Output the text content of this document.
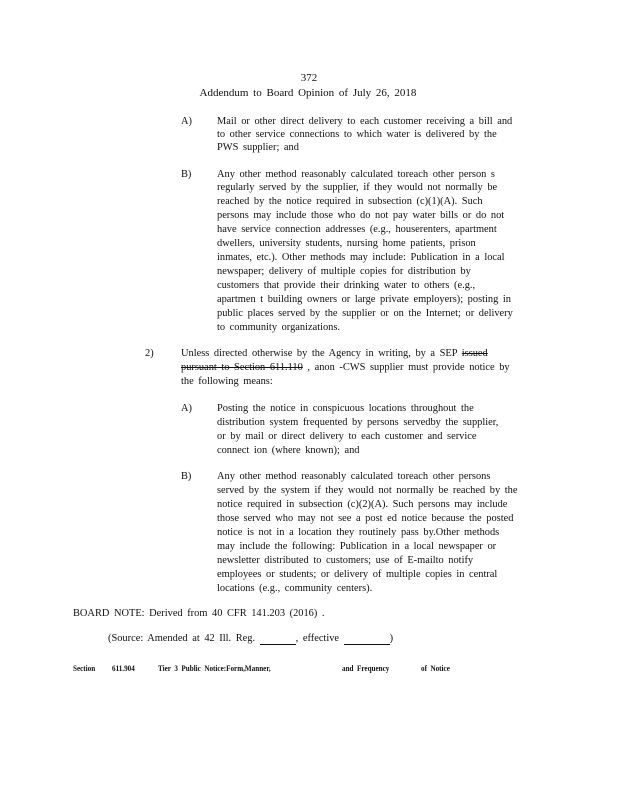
372
Addendum to Board Opinion of July 26, 2018
A) Mail or other direct delivery to each customer receiving a bill and
to other service connections to which water is delivered by the
PWS supplier; and
B) Any other method reasonably calculated toreach other person s
regularly served by the supplier, if they would not normally be
reached by the notice required in subsection (c)(1)(A). Such
persons may include those who do not pay water bills or do not
have service connection addresses (e.g., houserenters, apartment
dwellers, university students, nursing home patients, prison
inmates, etc.). Other methods may include: Publication in a local
newspaper; delivery of multiple copies for distribution by
customers that provide their drinking water to others (e.g.,
apartmen t building owners or large private employers); posting in
public places served by the supplier or on the Internet; or delivery
to community organizations.
2)	Unless directed otherwise by the Agency in writing, by a SEP issued
pursuant to Section 611.110 , anon -CWS supplier must provide notice by
the following means:
A) Posting the notice in conspicuous locations throughout the
distribution system frequented by persons servedby the supplier,
or by mail or direct delivery to each customer and service
connect ion (where known); and
B) Any other method reasonably calculated toreach other persons
served by the system if they would not normally be reached by the
notice required in subsection (c)(2)(A). Such persons may include
those served who may not see a post ed notice because the posted
notice is not in a location they routinely pass by.Other methods
may include the following: Publication in a local newspaper or
newsletter distributed to customers; use of E-mailto notify
employees or students; or delivery of multiple copies in central
locations (e.g., community centers).
BOARD NOTE: Derived from 40 CFR 141.203 (2016) .
(Source: Amended at 42 Ill. Reg.	, effective	)
Section 611.904	Tier 3 Public Notice:Form,Manner,	and Frequency	of Notice
